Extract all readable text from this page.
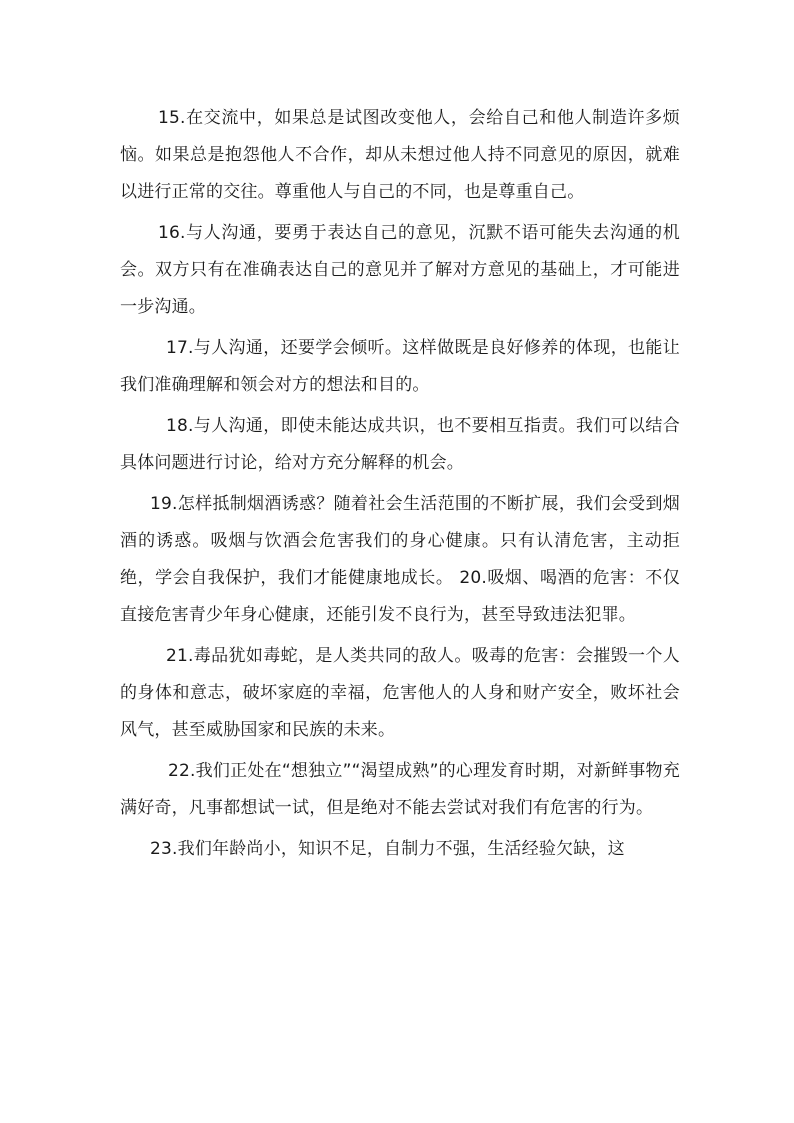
15.在交流中，如果总是试图改变他人，会给自己和他人制造许多烦恼。如果总是抱怨他人不合作，却从未想过他人持不同意见的原因，就难以进行正常的交往。尊重他人与自己的不同，也是尊重自己。

16.与人沟通，要勇于表达自己的意见，沉默不语可能失去沟通的机会。双方只有在准确表达自己的意见并了解对方意见的基础上，才可能进一步沟通。

17.与人沟通，还要学会倾听。这样做既是良好修养的体现，也能让我们准确理解和领会对方的想法和目的。

18.与人沟通，即使未能达成共识，也不要相互指责。我们可以结合具体问题进行讨论，给对方充分解释的机会。

19.怎样抵制烟酒诱惑？随着社会生活范围的不断扩展，我们会受到烟酒的诱惑。吸烟与饮酒会危害我们的身心健康。只有认清危害，主动拒绝，学会自我保护，我们才能健康地成长。 20.吸烟、喝酒的危害：不仅直接危害青少年身心健康，还能引发不良行为，甚至导致违法犯罪。

21.毒品犹如毒蛇，是人类共同的敌人。吸毒的危害：会摧毁一个人的身体和意志，破坏家庭的幸福，危害他人的人身和财产安全，败坏社会风气，甚至威胁国家和民族的未来。

22.我们正处在“想独立”“渴望成熟”的心理发育时期，对新鲜事物充满好奇，凡事都想试一试，但是绝对不能去尝试对我们有危害的行为。

23.我们年龄尚小，知识不足，自制力不强，生活经验欠缺，这
